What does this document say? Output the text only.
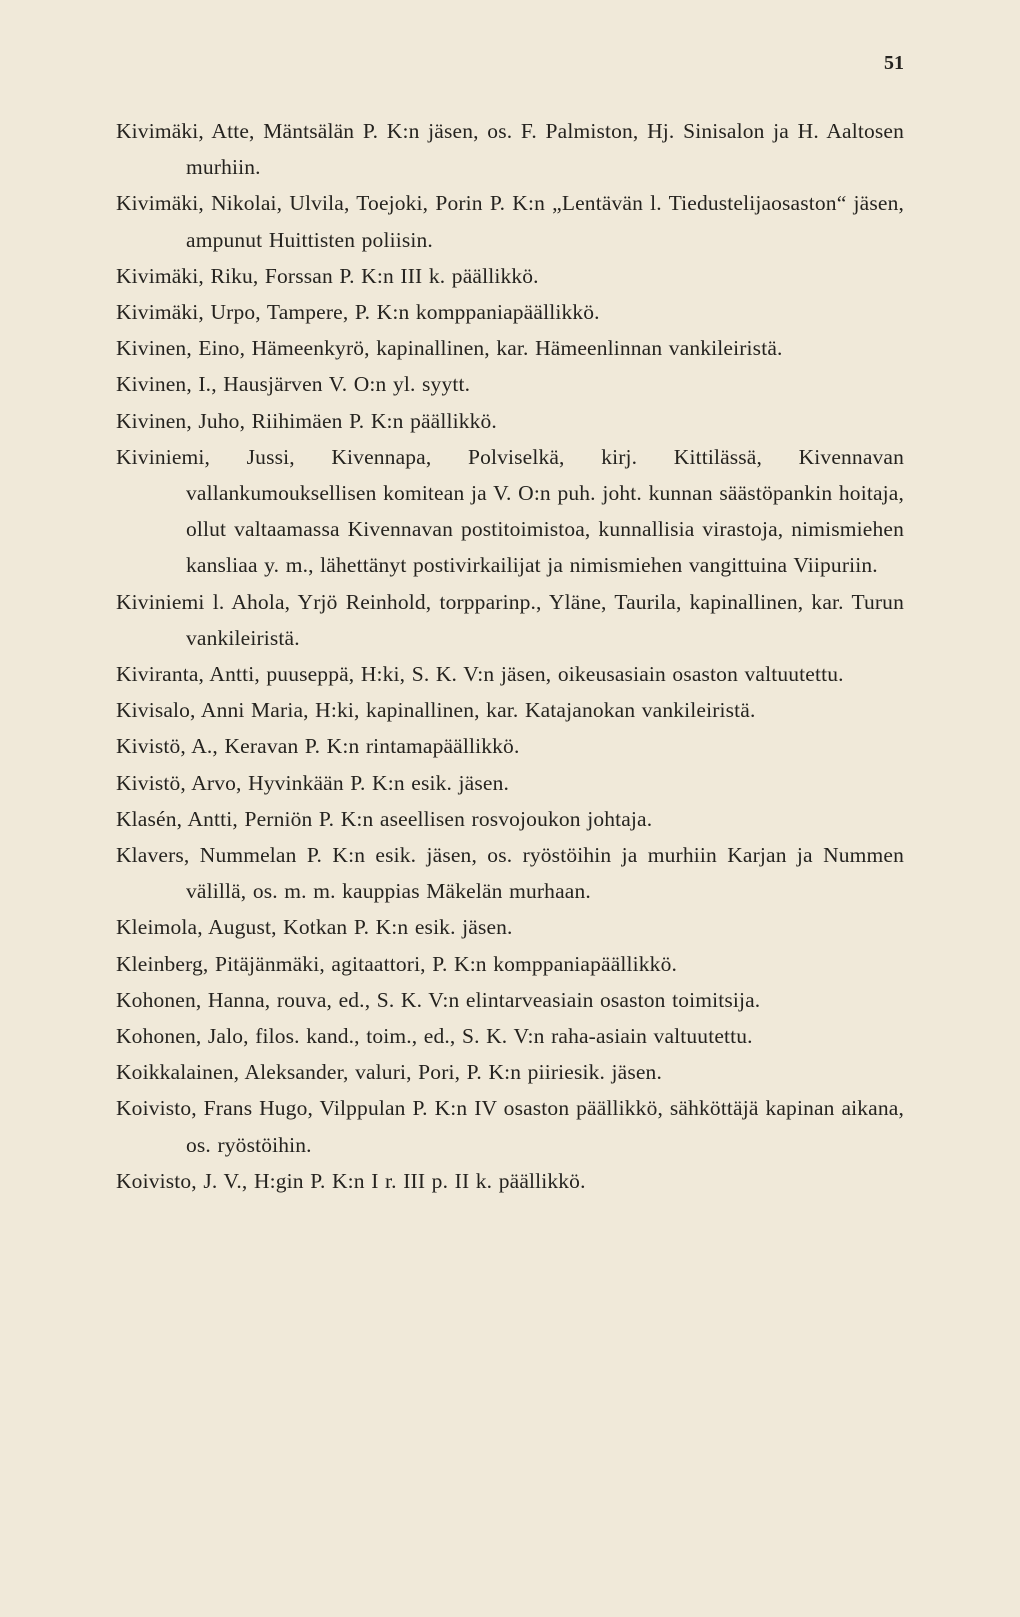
51
Kivimäki, Atte, Mäntsälän P. K:n jäsen, os. F. Palmiston, Hj. Sinisalon ja H. Aaltosen murhiin.
Kivimäki, Nikolai, Ulvila, Toejoki, Porin P. K:n „Lentävän l. Tiedustelijaosaston“ jäsen, ampunut Huittisten poliisin.
Kivimäki, Riku, Forssan P. K:n III k. päällikkö.
Kivimäki, Urpo, Tampere, P. K:n komppaniapäällikkö.
Kivinen, Eino, Hämeenkyrö, kapinallinen, kar. Hämeenlinnan vankileiristä.
Kivinen, I., Hausjärven V. O:n yl. syytt.
Kivinen, Juho, Riihimäen P. K:n päällikkö.
Kiviniemi, Jussi, Kivennapa, Polviselkä, kirj. Kittilässä, Kivennavan vallankumouksellisen komitean ja V. O:n puh. joht. kunnan säästöpankin hoitaja, ollut valtaamassa Kivennavan postitoimistoa, kunnallisia virastoja, nimismiehen kansliaa y. m., lähettänyt postivirkailijat ja nimismiehen vangittuina Viipuriin.
Kiviniemi l. Ahola, Yrjö Reinhold, torpparinp., Yläne, Taurila, kapinallinen, kar. Turun vankileiristä.
Kiviranta, Antti, puuseppä, H:ki, S. K. V:n jäsen, oikeusasiain osaston valtuutettu.
Kivisalo, Anni Maria, H:ki, kapinallinen, kar. Katajanokan vankileiristä.
Kivistö, A., Keravan P. K:n rintamapäällikkö.
Kivistö, Arvo, Hyvinkään P. K:n esik. jäsen.
Klasén, Antti, Perniön P. K:n aseellisen rosvojoukon johtaja.
Klavers, Nummelan P. K:n esik. jäsen, os. ryöstöihin ja murhiin Karjan ja Nummen välillä, os. m. m. kauppias Mäkelän murhaan.
Kleimola, August, Kotkan P. K:n esik. jäsen.
Kleinberg, Pitäjänmäki, agitaattori, P. K:n komppaniapäällikkö.
Kohonen, Hanna, rouva, ed., S. K. V:n elintarveasiain osaston toimitsija.
Kohonen, Jalo, filos. kand., toim., ed., S. K. V:n raha-asiain valtuutettu.
Koikkalainen, Aleksander, valuri, Pori, P. K:n piiriesik. jäsen.
Koivisto, Frans Hugo, Vilppulan P. K:n IV osaston päällikkö, sähköttäjä kapinan aikana, os. ryöstöihin.
Koivisto, J. V., H:gin P. K:n I r. III p. II k. päällikkö.
